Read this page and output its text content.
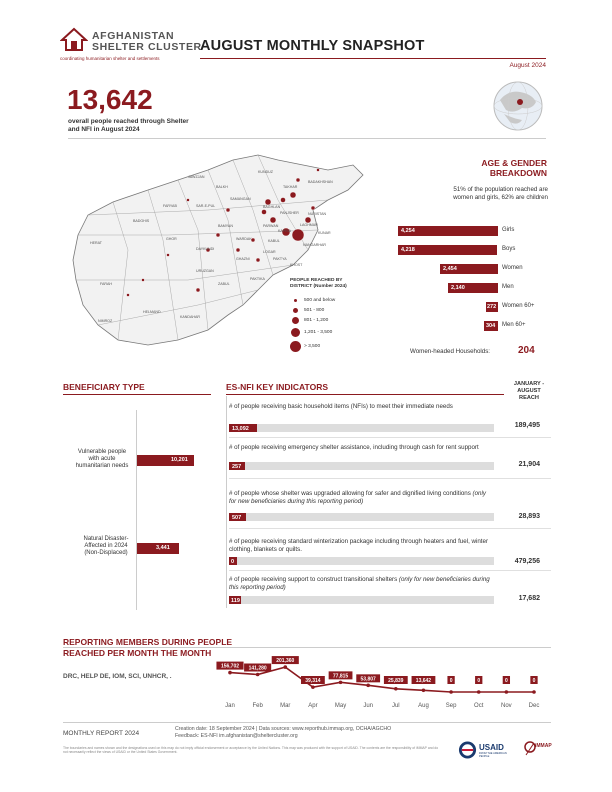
AFGHANISTAN
SHELTER CLUSTER
coordinating humanitarian shelter and settlements
AUGUST MONTHLY SNAPSHOT
August 2024
13,642
overall people reached through Shelter and NFI in August 2024
BADAKHSHAN
KUNDUZ
TAKHAR
JAWZJAN
BALKH
SAMANGAN
FARYAB	SAR-E-PUL	BAGHLAN
PANJSHER	NURISTAN
BADGHIS
BAMYAN	PARWAN
KAPISA
LAGHMAN
KUNAR
HERAT
GHOR
DAYKUNDI
WARDAK	KABUL
NANGARHAR
LOGAR
GHAZNI	PAKTYA
KHOST
FARAH
URUZGAN
ZABUL
PAKTIKA
NIMROZ
HELMAND
KANDAHAR
PEOPLE REACHED BY DISTRICT (Number 2024)
500 and below
501 - 800
801 - 1,200
1,201 - 3,500
> 3,500
AGE & GENDER BREAKDOWN
51% of the population reached are women and girls, 62% are children
4,254	Girls
4,218	Boys
2,454	Women
2,140	Men
272 Women 60+
304 Men 60+
Women-headed Households:	204
BENEFICIARY TYPE
Vulnerable people with acute humanitarian needs
10,201
Natural Disaster-Affected in 2024 (Non-Displaced)
3,441
ES-NFI KEY INDICATORS	JANUARY - AUGUST REACH
# of people receiving basic household items (NFIs) to meet their immediate needs
13,092	189,495
# of people receiving emergency shelter assistance, including through cash for rent support
257	21,904
# of people whose shelter was upgraded allowing for safer and dignified living conditions (only for new beneficiaries during this reporting period)
507	28,893
# of people receiving standard winterization package including through heaters and fuel, winter clothing, blankets or quilts.
0	479,256
# of people receiving support to construct transitional shelters (only for new beneficiaries during this reporting period)
119	17,682
REPORTING MEMBERS DURING PEOPLE REACHED PER MONTH THE MONTH
DRC, HELP DE, IOM, SCI, UNHCR, .
156,702
Jan
141,280
Feb
201,360
Mar
39,314
Apr
77,815
May
53,807
Jun
25,839
Jul
13,642
Aug
0
Sep
0
Oct
0
Nov
0
Dec
MONTHLY REPORT 2024
Creation date: 18 September 2024 | Data sources: www.reporthub.immap.org, OCHA/AGCHO
Feedback: ES-NFI im.afghanistan@sheltercluster.org
The boundaries and names shown and the designations used on this map do not imply official endorsement or acceptance by the United Nations. This map was produced with the support of USAID. The contents are the responsibility of iMMAP and do not necessarily reflect the views of USAID or the United States Government.
USAID
FROM THE AMERICAN PEOPLE
iMMAP
